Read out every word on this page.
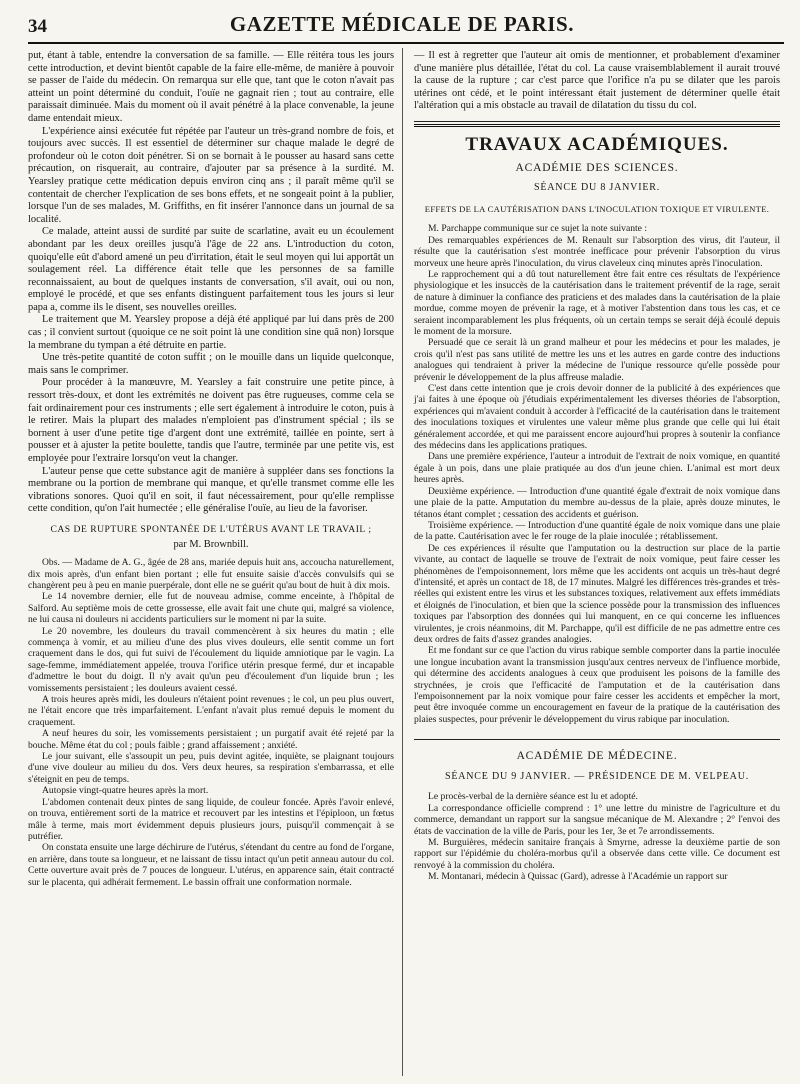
34	GAZETTE MÉDICALE DE PARIS.

put, étant à table, entendre la conversation de sa famille. — Elle réitéra tous les jours cette introduction, et devint bientôt capable de la faire elle-même, de manière à pouvoir se passer de l'aide du médecin. On remarqua sur elle que, tant que le coton n'avait pas atteint un point déterminé du conduit, l'ouïe ne gagnait rien ; tout au contraire, elle paraissait diminuée. Mais du moment où il avait pénétré à la place convenable, la jeune dame entendait mieux.

L'expérience ainsi exécutée fut répétée par l'auteur un très-grand nombre de fois, et toujours avec succès. Il est essentiel de déterminer sur chaque malade le degré de profondeur où le coton doit pénétrer. Si on se bornait à le pousser au hasard sans cette précaution, on risquerait, au contraire, d'ajouter par sa présence à la surdité. M. Yearsley pratique cette médication depuis environ cinq ans ; il paraît même qu'il se contentait de chercher l'explication de ses bons effets, et ne songeait point à la publier, lorsque l'un de ses malades, M. Griffiths, en fit insérer l'annonce dans un journal de sa localité.

Ce malade, atteint aussi de surdité par suite de scarlatine, avait eu un écoulement abondant par les deux oreilles jusqu'à l'âge de 22 ans. L'introduction du coton, quoiqu'elle eût d'abord amené un peu d'irritation, était le seul moyen qui lui apportât un soulagement réel. La différence était telle que les personnes de sa famille reconnaissaient, au bout de quelques instants de conversation, s'il avait, oui ou non, employé le procédé, et que ses enfants distinguent parfaitement tous les jours si leur papa a, comme ils le disent, ses nouvelles oreilles.

Le traitement que M. Yearsley propose a déjà été appliqué par lui dans près de 200 cas ; il convient surtout (quoique ce ne soit point là une condition sine quâ non) lorsque la membrane du tympan a été détruite en partie.

Une très-petite quantité de coton suffit ; on le mouille dans un liquide quelconque, mais sans le comprimer.

Pour procéder à la manœuvre, M. Yearsley a fait construire une petite pince, à ressort très-doux, et dont les extrémités ne doivent pas être rugueuses, comme cela se fait ordinairement pour ces instruments ; elle sert également à introduire le coton, puis à le retirer. Mais la plupart des malades n'emploient pas d'instrument spécial ; ils se bornent à user d'une petite tige d'argent dont une extrémité, taillée en pointe, sert à pousser et à ajuster la petite boulette, tandis que l'autre, terminée par une petite vis, est employée pour l'extraire lorsqu'on veut la changer.

L'auteur pense que cette substance agit de manière à suppléer dans ses fonctions la membrane ou la portion de membrane qui manque, et qu'elle transmet comme elle les vibrations sonores. Quoi qu'il en soit, il faut nécessairement, pour qu'elle remplisse cette condition, qu'on l'ait humectée ; elle généralise l'ouïe, au lieu de la favoriser.

CAS DE RUPTURE SPONTANÉE DE L'UTÉRUS AVANT LE TRAVAIL ;
par M. Brownbill.

Obs. — Madame de A. G., âgée de 28 ans, mariée depuis huit ans, accoucha naturellement, dix mois après, d'un enfant bien portant ; elle fut ensuite saisie d'accès convulsifs qui se changèrent peu à peu en manie puerpérale, dont elle ne se guérit qu'au bout de huit à dix mois.

Le 14 novembre dernier, elle fut de nouveau admise, comme enceinte, à l'hôpital de Salford. Au septième mois de cette grossesse, elle avait fait une chute qui, malgré sa violence, ne lui causa ni douleurs ni accidents particuliers sur le moment ni par la suite.

Le 20 novembre, les douleurs du travail commencèrent à six heures du matin ; elle commença à vomir, et au milieu d'une des plus vives douleurs, elle sentit comme un fort craquement dans le dos, qui fut suivi de l'écoulement du liquide amniotique par le vagin. La sage-femme, immédiatement appelée, trouva l'orifice utérin presque fermé, dur et incapable d'admettre le bout du doigt. Il n'y avait qu'un peu d'écoulement d'un liquide brun ; les vomissements persistaient ; les douleurs avaient cessé.

A trois heures après midi, les douleurs n'étaient point revenues ; le col, un peu plus ouvert, ne l'était encore que très imparfaitement. L'enfant n'avait plus remué depuis le moment du craquement.

A neuf heures du soir, les vomissements persistaient ; un purgatif avait été rejeté par la bouche. Même état du col ; pouls faible ; grand affaissement ; anxiété.

Le jour suivant, elle s'assoupit un peu, puis devint agitée, inquiète, se plaignant toujours d'une vive douleur au milieu du dos. Vers deux heures, sa respiration s'embarrassa, et elle s'éteignit en peu de temps.

Autopsie vingt-quatre heures après la mort.

L'abdomen contenait deux pintes de sang liquide, de couleur foncée. Après l'avoir enlevé, on trouva, entièrement sorti de la matrice et recouvert par les intestins et l'épiploon, un fœtus mâle à terme, mais mort évidemment depuis plusieurs jours, puisqu'il commençait à se putréfier.

On constata ensuite une large déchirure de l'utérus, s'étendant du centre au fond de l'organe, en arrière, dans toute sa longueur, et ne laissant de tissu intact qu'un petit anneau autour du col. Cette ouverture avait près de 7 pouces de longueur. L'utérus, en apparence sain, était contracté sur le placenta, qui adhérait fermement. Le bassin offrait une conformation normale.

— Il est à regretter que l'auteur ait omis de mentionner, et probablement d'examiner d'une manière plus détaillée, l'état du col. La cause vraisemblablement il aurait trouvé la cause de la rupture ; car c'est parce que l'orifice n'a pu se dilater que les parois utérines ont cédé, et le point intéressant était justement de déterminer quelle était l'altération qui a mis obstacle au travail de dilatation du tissu du col.

TRAVAUX ACADÉMIQUES.
ACADÉMIE DES SCIENCES.
SÉANCE DU 8 JANVIER.
EFFETS DE LA CAUTÉRISATION DANS L'INOCULATION TOXIQUE ET VIRULENTE.

M. Parchappe communique sur ce sujet la note suivante :

Des remarquables expériences de M. Renault sur l'absorption des virus, dit l'auteur, il résulte que la cautérisation s'est montrée inefficace pour prévenir l'absorption du virus morveux une heure après l'inoculation, du virus claveleux cinq minutes après l'inoculation.

Le rapprochement qui a dû tout naturellement être fait entre ces résultats de l'expérience physiologique et les insuccès de la cautérisation dans le traitement préventif de la rage, serait de nature à diminuer la confiance des praticiens et des malades dans la cautérisation de la plaie mordue, comme moyen de prévenir la rage, et à motiver l'abstention dans tous les cas, et ce seraient incomparablement les plus fréquents, où un certain temps se serait déjà écoulé depuis le moment de la morsure.

Persuadé que ce serait là un grand malheur et pour les médecins et pour les malades, je crois qu'il n'est pas sans utilité de mettre les uns et les autres en garde contre des inductions analogues qui tendraient à priver la médecine de l'unique ressource qu'elle possède pour prévenir le développement de la plus affreuse maladie.

C'est dans cette intention que je crois devoir donner de la publicité à des expériences que j'ai faites à une époque où j'étudiais expérimentalement les diverses théories de l'absorption, expériences qui m'avaient conduit à accorder à l'efficacité de la cautérisation dans le traitement des inoculations toxiques et virulentes une valeur même plus grande que celle qui lui était généralement accordée, et qui me paraissent encore aujourd'hui propres à soutenir la confiance des médecins dans les applications pratiques.

Dans une première expérience, l'auteur a introduit de l'extrait de noix vomique, en quantité égale à un pois, dans une plaie pratiquée au dos d'un jeune chien. L'animal est mort deux heures après.

Deuxième expérience. — Introduction d'une quantité égale d'extrait de noix vomique dans une plaie de la patte. Amputation du membre au-dessus de la plaie, après douze minutes, le tétanos étant complet ; cessation des accidents et guérison.

Troisième expérience. — Introduction d'une quantité égale de noix vomique dans une plaie de la patte. Cautérisation avec le fer rouge de la plaie inoculée ; rétablissement.

De ces expériences il résulte que l'amputation ou la destruction sur place de la partie vivante, au contact de laquelle se trouve de l'extrait de noix vomique, peut faire cesser les phénomènes de l'empoisonnement, lors même que les accidents ont acquis un très-haut degré d'intensité, et après un contact de 18, de 17 minutes. Malgré les différences très-grandes et très-réelles qui existent entre les virus et les substances toxiques, relativement aux effets immédiats et éloignés de l'inoculation, et bien que la science possède pour la transmission des influences toxiques par l'absorption des données qui lui manquent, en ce qui concerne les influences virulentes, je crois néanmoins, dit M. Parchappe, qu'il est difficile de ne pas admettre entre ces deux ordres de faits d'assez grandes analogies.

Et me fondant sur ce que l'action du virus rabique semble comporter dans la partie inoculée une longue incubation avant la transmission jusqu'aux centres nerveux de l'influence morbide, qui détermine des accidents analogues à ceux que produisent les poisons de la famille des strychnées, je crois que l'efficacité de l'amputation et de la cautérisation dans l'empoisonnement par la noix vomique pour faire cesser les accidents et empêcher la mort, peut être invoquée comme un encouragement en faveur de la pratique de la cautérisation des plaies suspectes, pour prévenir le développement du virus rabique par inoculation.

ACADÉMIE DE MÉDECINE.
SÉANCE DU 9 JANVIER. — PRÉSIDENCE DE M. VELPEAU.

Le procès-verbal de la dernière séance est lu et adopté.

La correspondance officielle comprend : 1° une lettre du ministre de l'agriculture et du commerce, demandant un rapport sur la sangsue mécanique de M. Alexandre ; 2° l'envoi des états de vaccination de la ville de Paris, pour les 1er, 3e et 7e arrondissements.

M. Burguières, médecin sanitaire français à Smyrne, adresse la deuxième partie de son rapport sur l'épidémie du choléra-morbus qu'il a observée dans cette ville. Ce document est renvoyé à la commission du choléra.

M. Montanari, médecin à Quissac (Gard), adresse à l'Académie un rapport sur
